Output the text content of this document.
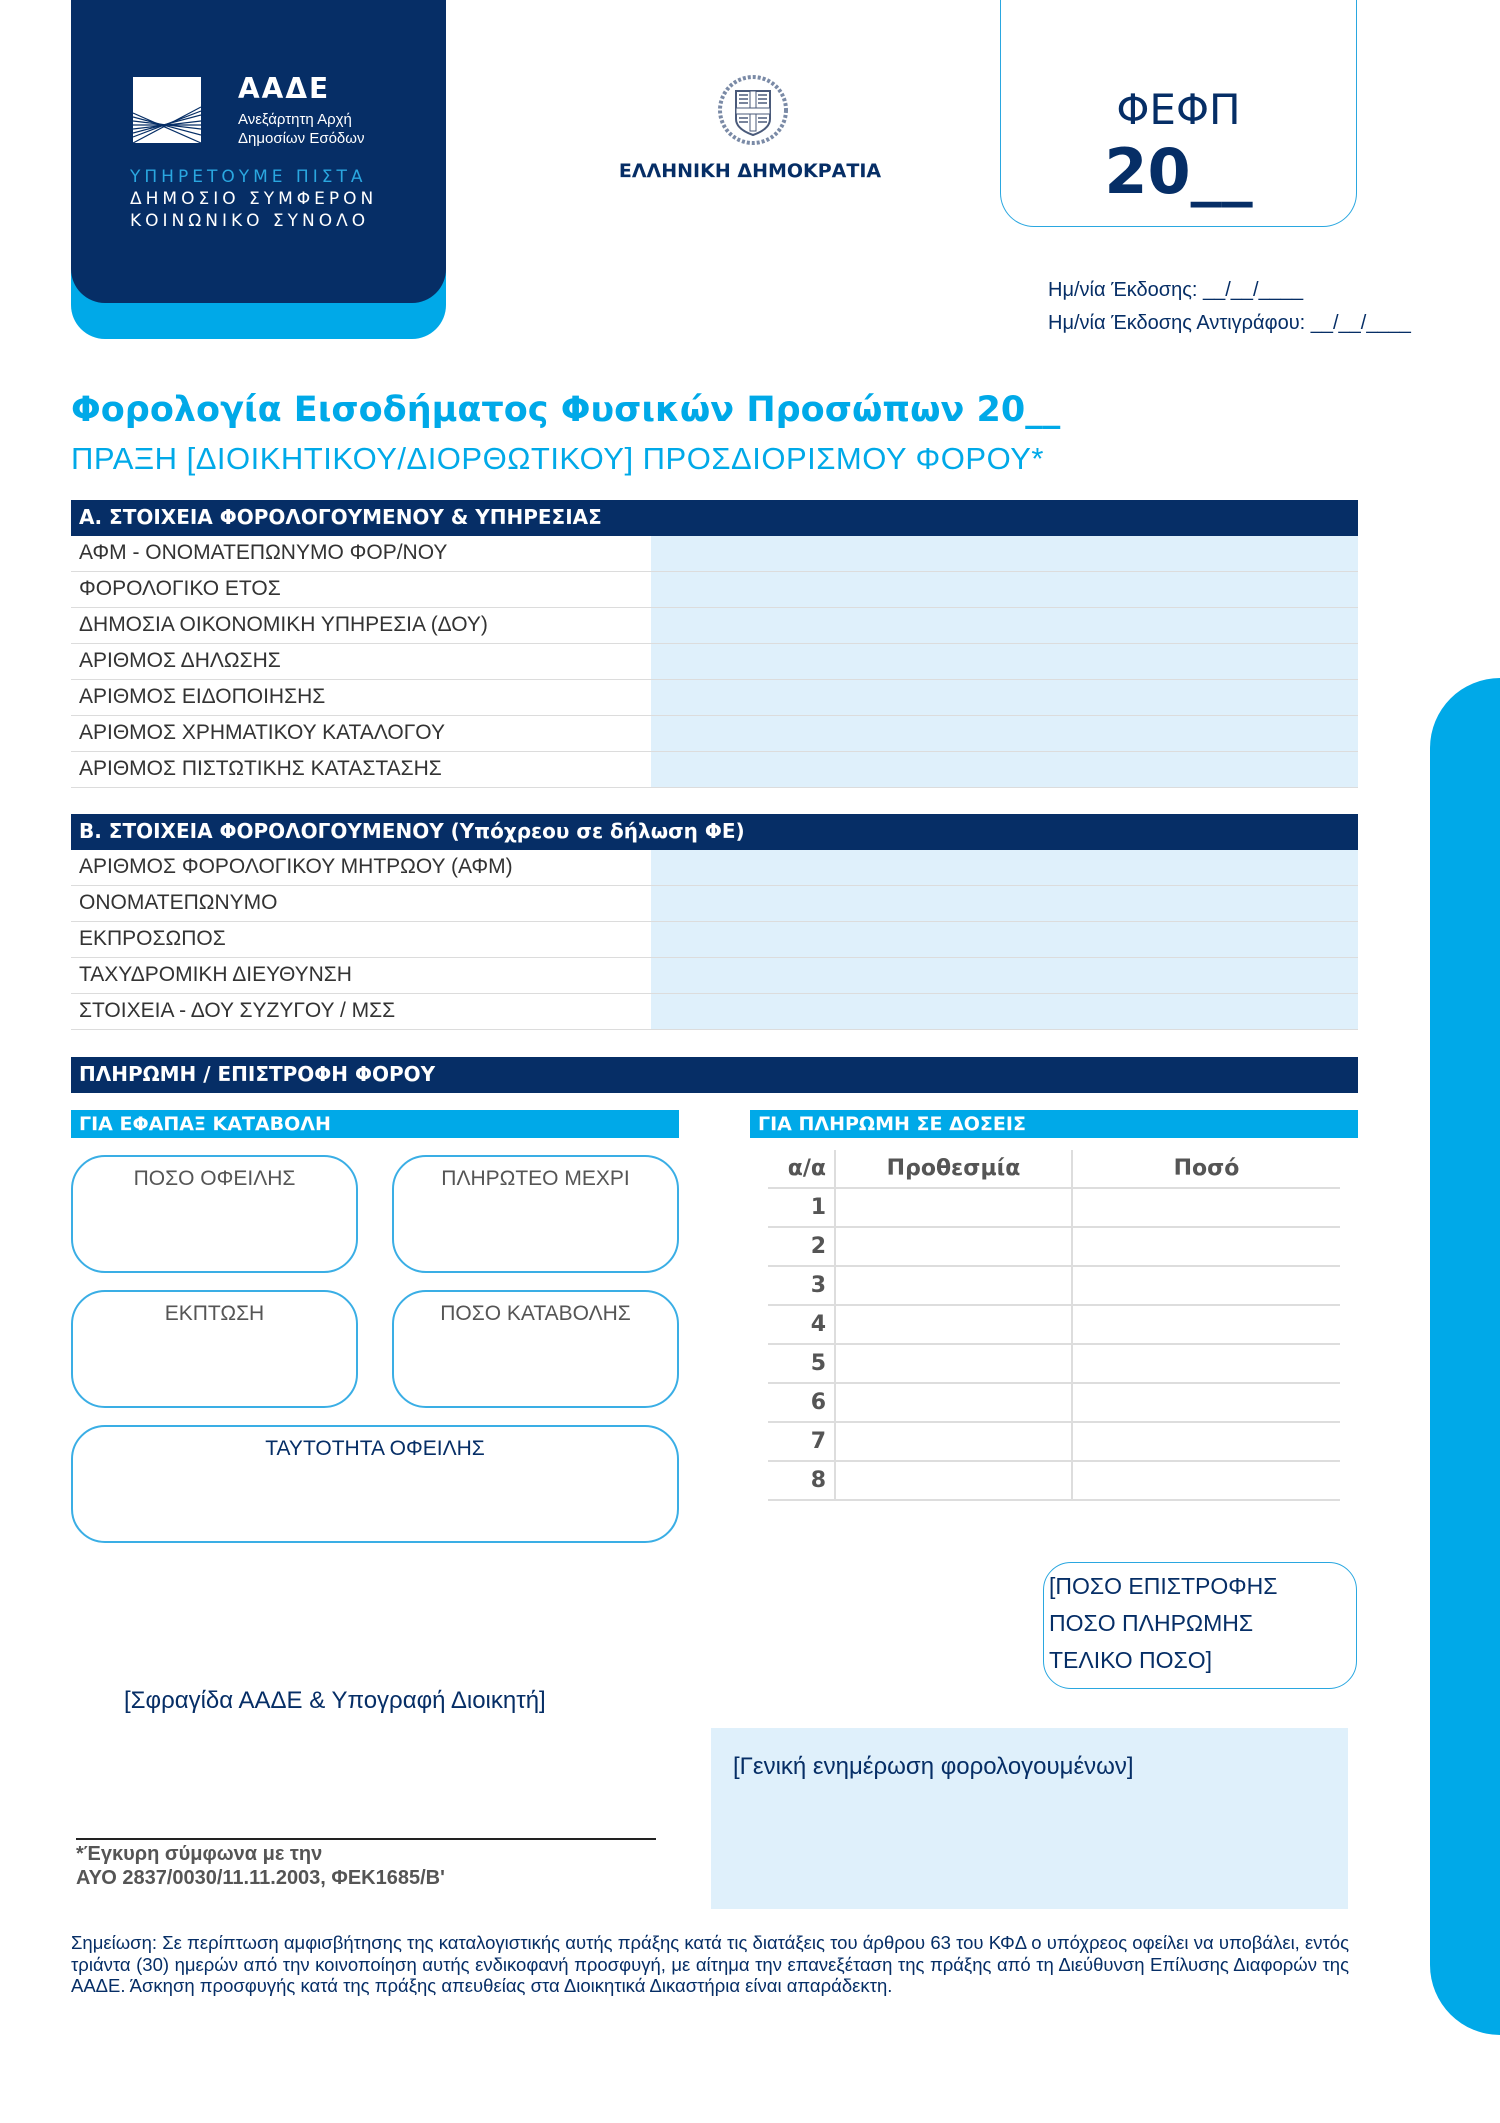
ΑΑΔΕ
Ανεξάρτητη Αρχή
Δημοσίων Εσόδων
ΥΠΗΡΕΤΟΥΜΕ ΠΙΣΤΑ
ΔΗΜΟΣΙΟ ΣΥΜΦΕΡΟΝ
ΚΟΙΝΩΝΙΚΟ ΣΥΝΟΛΟ
ΕΛΛΗΝΙΚΗ ΔΗΜΟΚΡΑΤΙΑ
ΦΕΦΠ
20__
Ημ/νία Έκδοσης: __/__/____
Ημ/νία Έκδοσης Αντιγράφου: __/__/____
Φορολογία Εισοδήματος Φυσικών Προσώπων 20__
ΠΡΑΞΗ [ΔΙΟΙΚΗΤΙΚΟΥ/ΔΙΟΡΘΩΤΙΚΟΥ] ΠΡΟΣΔΙΟΡΙΣΜΟΥ ΦΟΡΟΥ*
Α. ΣΤΟΙΧΕΙΑ ΦΟΡΟΛΟΓΟΥΜΕΝΟΥ & ΥΠΗΡΕΣΙΑΣ
ΑΦΜ - ΟΝΟΜΑΤΕΠΩΝΥΜΟ ΦΟΡ/ΝΟΥ
ΦΟΡΟΛΟΓΙΚΟ ΕΤΟΣ
ΔΗΜΟΣΙΑ ΟΙΚΟΝΟΜΙΚΗ ΥΠΗΡΕΣΙΑ (ΔΟΥ)
ΑΡΙΘΜΟΣ ΔΗΛΩΣΗΣ
ΑΡΙΘΜΟΣ ΕΙΔΟΠΟΙΗΣΗΣ
ΑΡΙΘΜΟΣ ΧΡΗΜΑΤΙΚΟΥ ΚΑΤΑΛΟΓΟΥ
ΑΡΙΘΜΟΣ ΠΙΣΤΩΤΙΚΗΣ ΚΑΤΑΣΤΑΣΗΣ
Β. ΣΤΟΙΧΕΙΑ ΦΟΡΟΛΟΓΟΥΜΕΝΟΥ (Υπόχρεου σε δήλωση ΦΕ)
ΑΡΙΘΜΟΣ ΦΟΡΟΛΟΓΙΚΟΥ ΜΗΤΡΩΟΥ (ΑΦΜ)
ΟΝΟΜΑΤΕΠΩΝΥΜΟ
ΕΚΠΡΟΣΩΠΟΣ
ΤΑΧΥΔΡΟΜΙΚΗ ΔΙΕΥΘΥΝΣΗ
ΣΤΟΙΧΕΙΑ - ΔΟΥ ΣΥΖΥΓΟΥ / ΜΣΣ
ΠΛΗΡΩΜΗ / ΕΠΙΣΤΡΟΦΗ ΦΟΡΟΥ
ΓΙΑ ΕΦΑΠΑΞ ΚΑΤΑΒΟΛΗ
ΠΟΣΟ ΟΦΕΙΛΗΣ	ΠΛΗΡΩΤΕΟ ΜΕΧΡΙ
ΕΚΠΤΩΣΗ	ΠΟΣΟ ΚΑΤΑΒΟΛΗΣ
ΤΑΥΤΟΤΗΤΑ ΟΦΕΙΛΗΣ
ΓΙΑ ΠΛΗΡΩΜΗ ΣΕ ΔΟΣΕΙΣ
α/α	Προθεσμία	Ποσό
1
2
3
4
5
6
7
8
[ΠΟΣΟ ΕΠΙΣΤΡΟΦΗΣ
ΠΟΣΟ ΠΛΗΡΩΜΗΣ
ΤΕΛΙΚΟ ΠΟΣΟ]
[Σφραγίδα ΑΑΔΕ & Υπογραφή Διοικητή]
[Γενική ενημέρωση φορολογουμένων]
*Έγκυρη σύμφωνα με την
ΑΥΟ 2837/0030/11.11.2003, ΦΕΚ1685/Β'
Σημείωση: Σε περίπτωση αμφισβήτησης της καταλογιστικής αυτής πράξης κατά τις διατάξεις του άρθρου 63 του ΚΦΔ ο υπόχρεος οφείλει να υποβάλει, εντός τριάντα (30) ημερών από την κοινοποίηση αυτής ενδικοφανή προσφυγή, με αίτημα την επανεξέταση της πράξης από τη Διεύθυνση Επίλυσης Διαφορών της ΑΑΔΕ. Άσκηση προσφυγής κατά της πράξης απευθείας στα Διοικητικά Δικαστήρια είναι απαράδεκτη.
